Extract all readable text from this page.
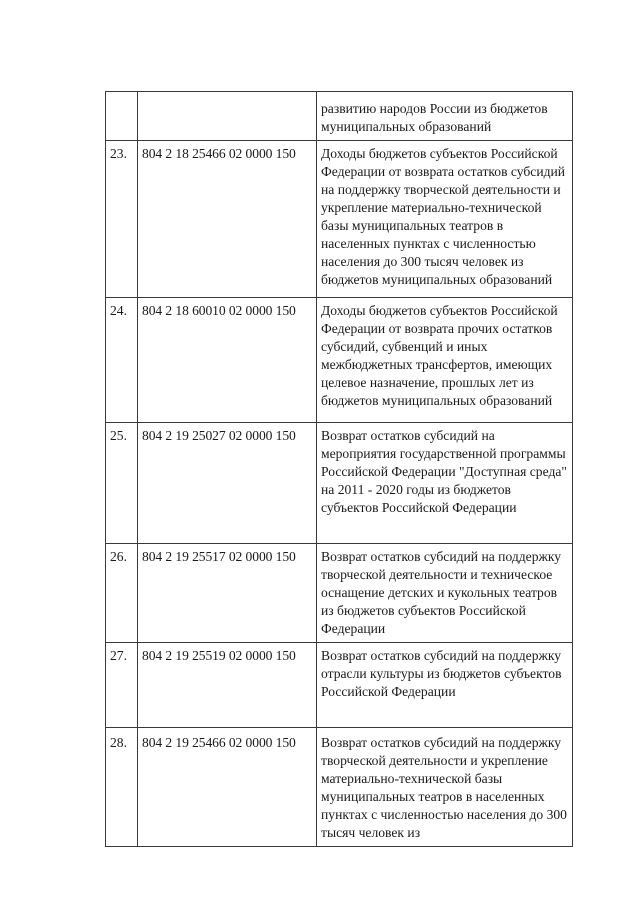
		развитию народов России из бюджетов муниципальных образований
23.	804 2 18 25466 02 0000 150	Доходы бюджетов субъектов Российской Федерации от возврата остатков субсидий на поддержку творческой деятельности и укрепление материально-технической базы муниципальных театров в населенных пунктах с численностью населения до 300 тысяч человек из бюджетов муниципальных образований
24.	804 2 18 60010 02 0000 150	Доходы бюджетов субъектов Российской Федерации от возврата прочих остатков субсидий, субвенций и иных межбюджетных трансфертов, имеющих целевое назначение, прошлых лет из бюджетов муниципальных образований
25.	804 2 19 25027 02 0000 150	Возврат остатков субсидий на мероприятия государственной программы Российской Федерации "Доступная среда" на 2011 - 2020 годы из бюджетов субъектов Российской Федерации
26.	804 2 19 25517 02 0000 150	Возврат остатков субсидий на поддержку творческой деятельности и техническое оснащение детских и кукольных театров из бюджетов субъектов Российской Федерации
27.	804 2 19 25519 02 0000 150	Возврат остатков субсидий на поддержку отрасли культуры из бюджетов субъектов Российской Федерации
28.	804 2 19 25466 02 0000 150	Возврат остатков субсидий на поддержку творческой деятельности и укрепление материально-технической базы муниципальных театров в населенных пунктах с численностью населения до 300 тысяч человек из
